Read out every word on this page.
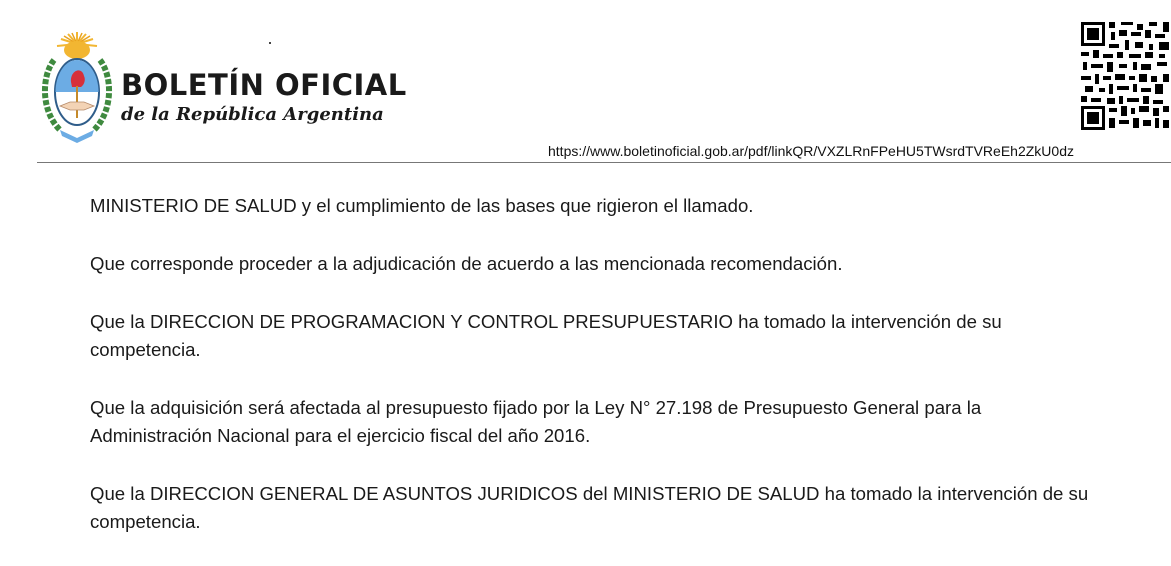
BOLETÍN OFICIAL
de la República Argentina
https://www.boletinoficial.gob.ar/pdf/linkQR/VXZLRnFPeHU5TWsrdTVReEh2ZkU0dz

MINISTERIO DE SALUD y el cumplimiento de las bases que rigieron el llamado.

Que corresponde proceder a la adjudicación de acuerdo a las mencionada recomendación.

Que la DIRECCION DE PROGRAMACION Y CONTROL PRESUPUESTARIO ha tomado la intervención de su competencia.

Que la adquisición será afectada al presupuesto fijado por la Ley N° 27.198 de Presupuesto General para la Administración Nacional para el ejercicio fiscal del año 2016.

Que la DIRECCION GENERAL DE ASUNTOS JURIDICOS del MINISTERIO DE SALUD ha tomado la intervención de su competencia.
